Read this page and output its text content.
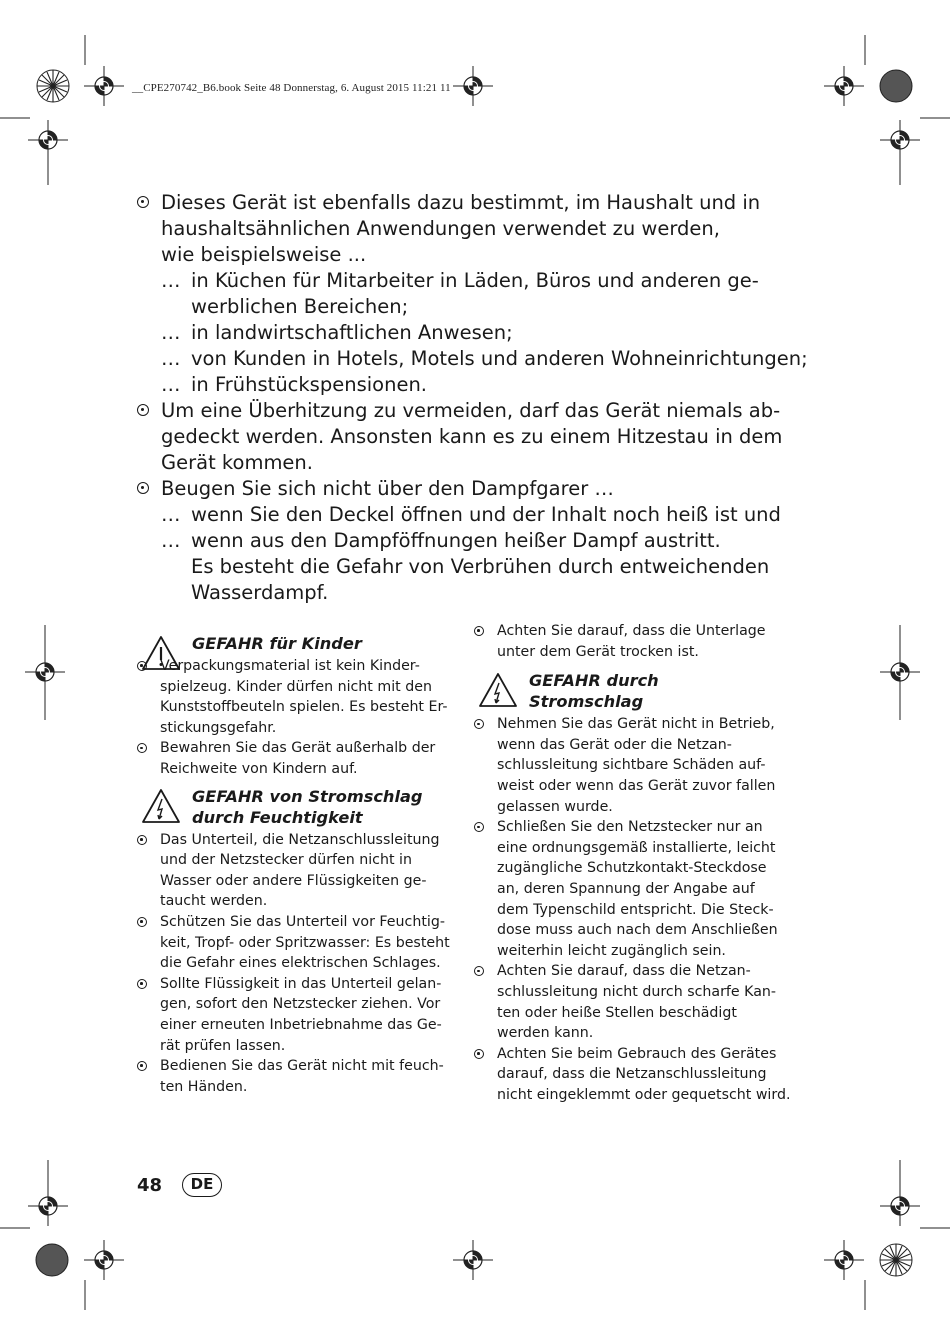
__CPE270742_B6.book Seite 48 Donnerstag, 6. August 2015 11:21 11
Dieses Gerät ist ebenfalls dazu bestimmt, im Haushalt und in
haushaltsähnlichen Anwendungen verwendet zu werden,
wie beispielsweise ...
… in Küchen für Mitarbeiter in Läden, Büros und anderen ge-
werblichen Bereichen;
… in landwirtschaftlichen Anwesen;
… von Kunden in Hotels, Motels und anderen Wohneinrichtungen;
… in Frühstückspensionen.
Um eine Überhitzung zu vermeiden, darf das Gerät niemals ab-
gedeckt werden. Ansonsten kann es zu einem Hitzestau in dem
Gerät kommen.
Beugen Sie sich nicht über den Dampfgarer …
… wenn Sie den Deckel öffnen und der Inhalt noch heiß ist und
… wenn aus den Dampföffnungen heißer Dampf austritt.
Es besteht die Gefahr von Verbrühen durch entweichenden
Wasserdampf.
GEFAHR für Kinder
Verpackungsmaterial ist kein Kinder-
spielzeug. Kinder dürfen nicht mit den
Kunststoffbeuteln spielen. Es besteht Er-
stickungsgefahr.
Bewahren Sie das Gerät außerhalb der
Reichweite von Kindern auf.
GEFAHR von Stromschlag
durch Feuchtigkeit
Das Unterteil, die Netzanschlussleitung
und der Netzstecker dürfen nicht in
Wasser oder andere Flüssigkeiten ge-
taucht werden.
Schützen Sie das Unterteil vor Feuchtig-
keit, Tropf- oder Spritzwasser: Es besteht
die Gefahr eines elektrischen Schlages.
Sollte Flüssigkeit in das Unterteil gelan-
gen, sofort den Netzstecker ziehen. Vor
einer erneuten Inbetriebnahme das Ge-
rät prüfen lassen.
Bedienen Sie das Gerät nicht mit feuch-
ten Händen.
Achten Sie darauf, dass die Unterlage
unter dem Gerät trocken ist.
GEFAHR durch
Stromschlag
Nehmen Sie das Gerät nicht in Betrieb,
wenn das Gerät oder die Netzan-
schlussleitung sichtbare Schäden auf-
weist oder wenn das Gerät zuvor fallen
gelassen wurde.
Schließen Sie den Netzstecker nur an
eine ordnungsgemäß installierte, leicht
zugängliche Schutzkontakt-Steckdose
an, deren Spannung der Angabe auf
dem Typenschild entspricht. Die Steck-
dose muss auch nach dem Anschließen
weiterhin leicht zugänglich sein.
Achten Sie darauf, dass die Netzan-
schlussleitung nicht durch scharfe Kan-
ten oder heiße Stellen beschädigt
werden kann.
Achten Sie beim Gebrauch des Gerätes
darauf, dass die Netzanschlussleitung
nicht eingeklemmt oder gequetscht wird.
48	DE
